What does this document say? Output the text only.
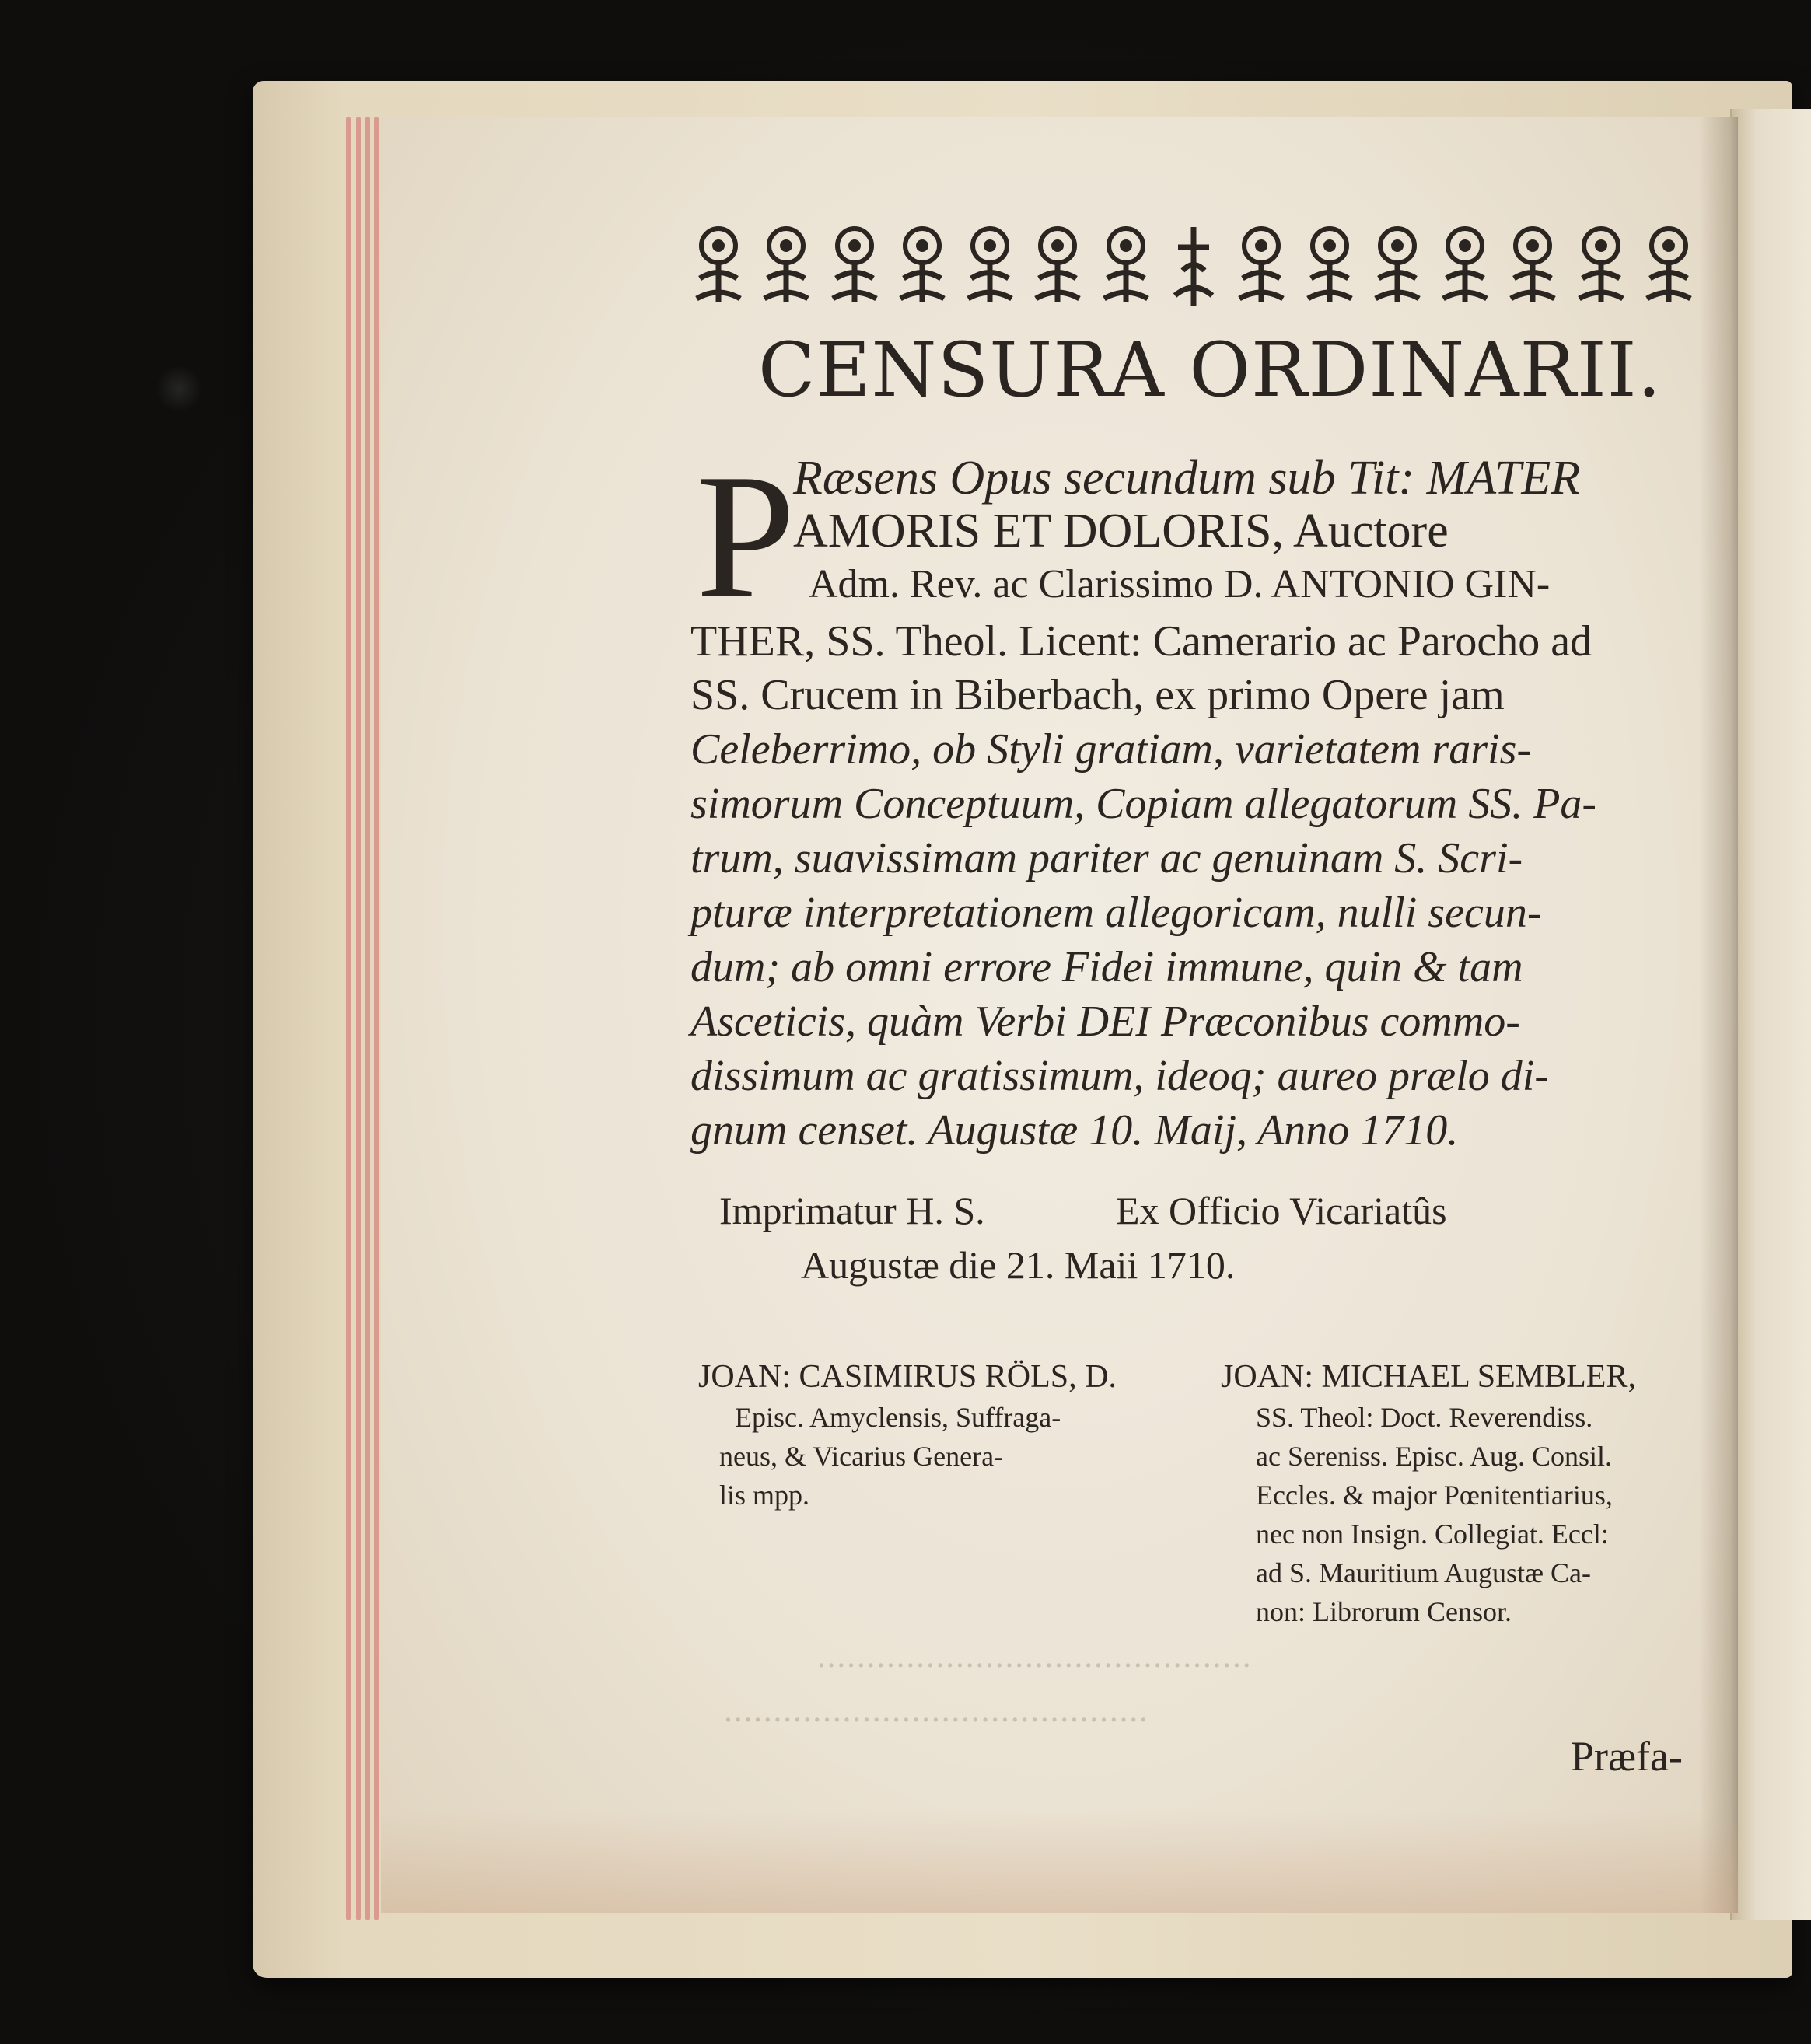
············································
···········································
CENSURA ORDINARII.
P
Ræsens Opus secundum sub Tit: MATER
AMORIS ET DOLORIS, Auctore
Adm. Rev. ac Clarissimo D. ANTONIO GIN-
THER, SS. Theol. Licent: Camerario ac Parocho ad
SS. Crucem in Biberbach, ex primo Opere jam
Celeberrimo, ob Styli gratiam, varietatem raris-
simorum Conceptuum, Copiam allegatorum SS. Pa-
trum, suavissimam pariter ac genuinam S. Scri-
pturæ interpretationem allegoricam, nulli secun-
dum; ab omni errore Fidei immune, quin & tam
Asceticis, quàm Verbi DEI Præconibus commo-
dissimum ac gratissimum, ideoq; aureo prælo di-
gnum censet. Augustæ 10. Maij, Anno 1710.
Imprimatur H. S.	Ex Officio Vicariatûs
Augustæ die 21. Maii 1710.
JOAN: CASIMIRUS RÖLS, D.
Episc. Amyclensis, Suffraga-
neus, & Vicarius Genera-
lis mpp.
JOAN: MICHAEL SEMBLER,
SS. Theol: Doct. Reverendiss.
ac Sereniss. Episc. Aug. Consil.
Eccles. & major Pœnitentiarius,
nec non Insign. Collegiat. Eccl:
ad S. Mauritium Augustæ Ca-
non: Librorum Censor.
Præfa-
